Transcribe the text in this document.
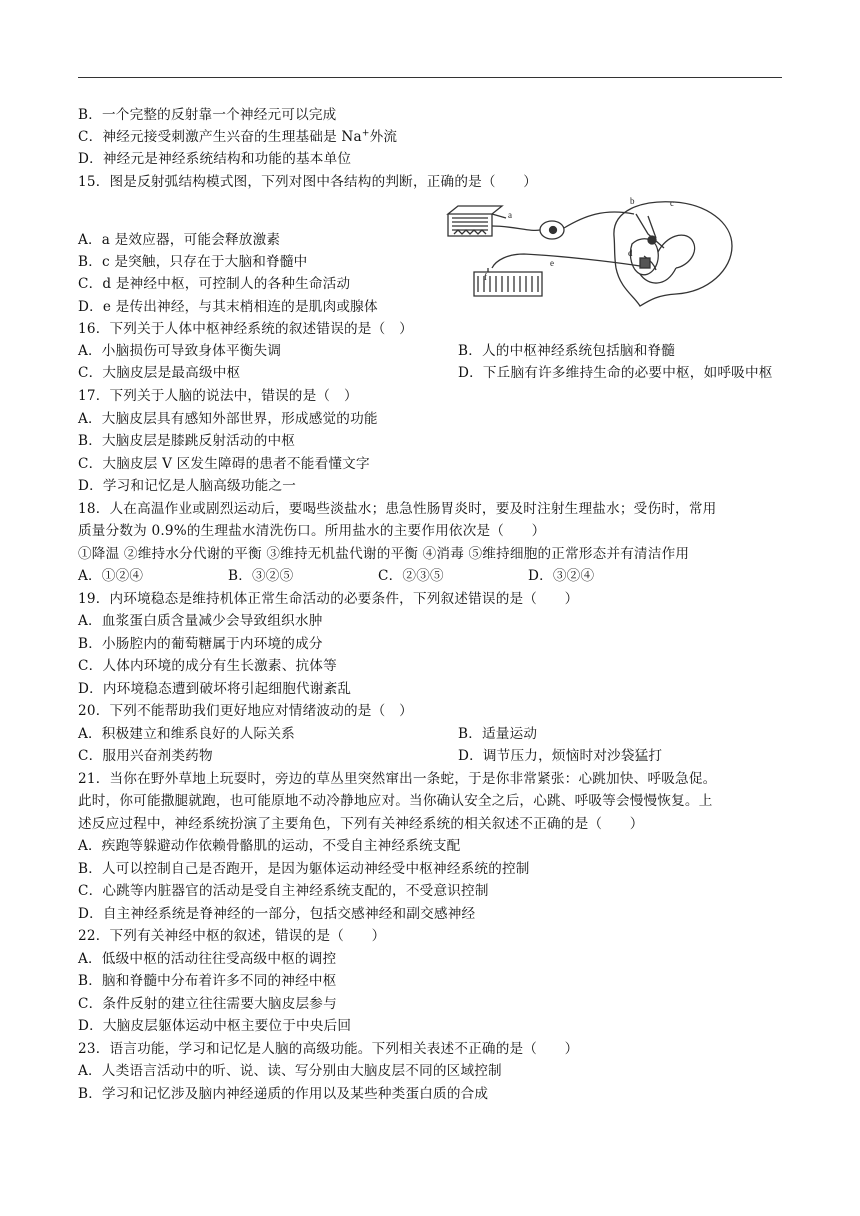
B．一个完整的反射靠一个神经元可以完成
C．神经元接受刺激产生兴奋的生理基础是 Na+外流
D．神经元是神经系统结构和功能的基本单位
15．图是反射弧结构模式图，下列对图中各结构的判断，正确的是（　　）
a
b	c
d
e
f
A．a 是效应器，可能会释放激素
B．c 是突触，只存在于大脑和脊髓中
C．d 是神经中枢，可控制人的各种生命活动
D．e 是传出神经，与其末梢相连的是肌肉或腺体
16．下列关于人体中枢神经系统的叙述错误的是（　）
A．小脑损伤可导致身体平衡失调	B．人的中枢神经系统包括脑和脊髓
C．大脑皮层是最高级中枢	D．下丘脑有许多维持生命的必要中枢，如呼吸中枢
17．下列关于人脑的说法中，错误的是（　）
A．大脑皮层具有感知外部世界，形成感觉的功能
B．大脑皮层是膝跳反射活动的中枢
C．大脑皮层 V 区发生障碍的患者不能看懂文字
D．学习和记忆是人脑高级功能之一
18．人在高温作业或剧烈运动后，要喝些淡盐水；患急性肠胃炎时，要及时注射生理盐水；受伤时，常用
质量分数为 0.9%的生理盐水清洗伤口。所用盐水的主要作用依次是（　　）
①降温 ②维持水分代谢的平衡 ③维持无机盐代谢的平衡 ④消毒 ⑤维持细胞的正常形态并有清洁作用
A．①②④	B．③②⑤	C．②③⑤	D．③②④
19．内环境稳态是维持机体正常生命活动的必要条件，下列叙述错误的是（　　）
A．血浆蛋白质含量减少会导致组织水肿
B．小肠腔内的葡萄糖属于内环境的成分
C．人体内环境的成分有生长激素、抗体等
D．内环境稳态遭到破坏将引起细胞代谢紊乱
20．下列不能帮助我们更好地应对情绪波动的是（　）
A．积极建立和维系良好的人际关系	B．适量运动
C．服用兴奋剂类药物	D．调节压力，烦恼时对沙袋猛打
21．当你在野外草地上玩耍时，旁边的草丛里突然窜出一条蛇，于是你非常紧张：心跳加快、呼吸急促。
此时，你可能撒腿就跑，也可能原地不动冷静地应对。当你确认安全之后，心跳、呼吸等会慢慢恢复。上
述反应过程中，神经系统扮演了主要角色，下列有关神经系统的相关叙述不正确的是（　　）
A．疾跑等躲避动作依赖骨骼肌的运动，不受自主神经系统支配
B．人可以控制自己是否跑开，是因为躯体运动神经受中枢神经系统的控制
C．心跳等内脏器官的活动是受自主神经系统支配的，不受意识控制
D．自主神经系统是脊神经的一部分，包括交感神经和副交感神经
22．下列有关神经中枢的叙述，错误的是（　　）
A．低级中枢的活动往往受高级中枢的调控
B．脑和脊髓中分布着许多不同的神经中枢
C．条件反射的建立往往需要大脑皮层参与
D．大脑皮层躯体运动中枢主要位于中央后回
23．语言功能，学习和记忆是人脑的高级功能。下列相关表述不正确的是（　　）
A．人类语言活动中的听、说、读、写分别由大脑皮层不同的区域控制
B．学习和记忆涉及脑内神经递质的作用以及某些种类蛋白质的合成
